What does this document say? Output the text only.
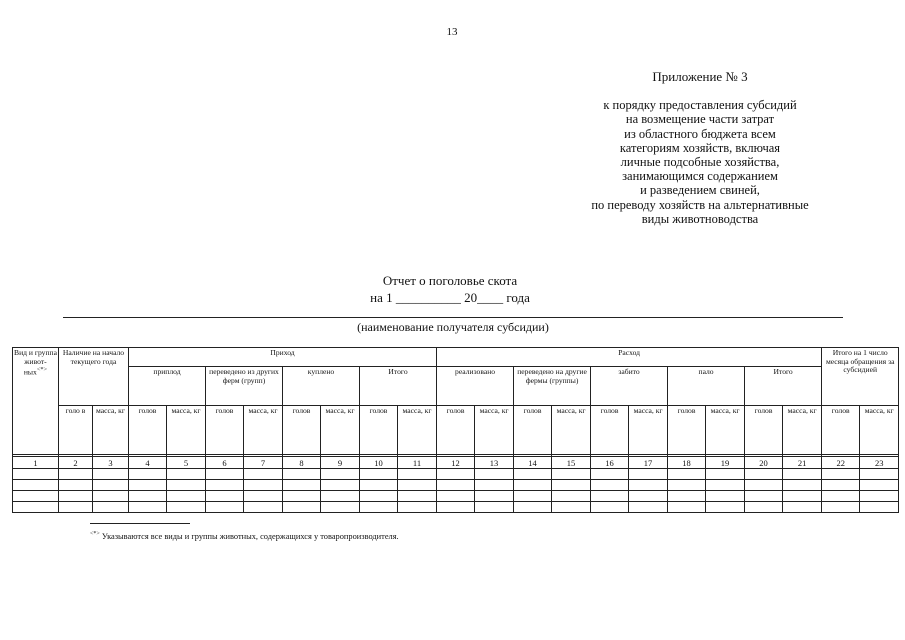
13
Приложение № 3
к порядку предоставления субсидий
на возмещение части затрат
из областного бюджета всем
категориям хозяйств, включая
личные подсобные хозяйства,
занимающимся содержанием
и разведением свиней,
по переводу хозяйств на альтернативные
виды животноводства
Отчет о поголовье скота
на 1 __________ 20____ года
(наименование получателя субсидии)
Вид и группа живот-ных<*>	Наличие на начало текущего года		Приход								Расход										Итого на 1 число месяца обращения за субсидией	
			приплод		переведено из других ферм (групп)		куплено		Итого		реализовано		переведено на другие фермы (группы)		забито		пало		Итого			
	голо в	масса, кг	голов	масса, кг	голов	масса, кг	голов	масса, кг	голов	масса, кг	голов	масса, кг	голов	масса, кг	голов	масса, кг	голов	масса, кг	голов	масса, кг	голов	масса, кг

1	2	3	4	5	6	7	8	9	10	11	12	13	14	15	16	17	18	19	20	21	22	23

<*> Указываются все виды и группы животных, содержащихся у товаропроизводителя.
